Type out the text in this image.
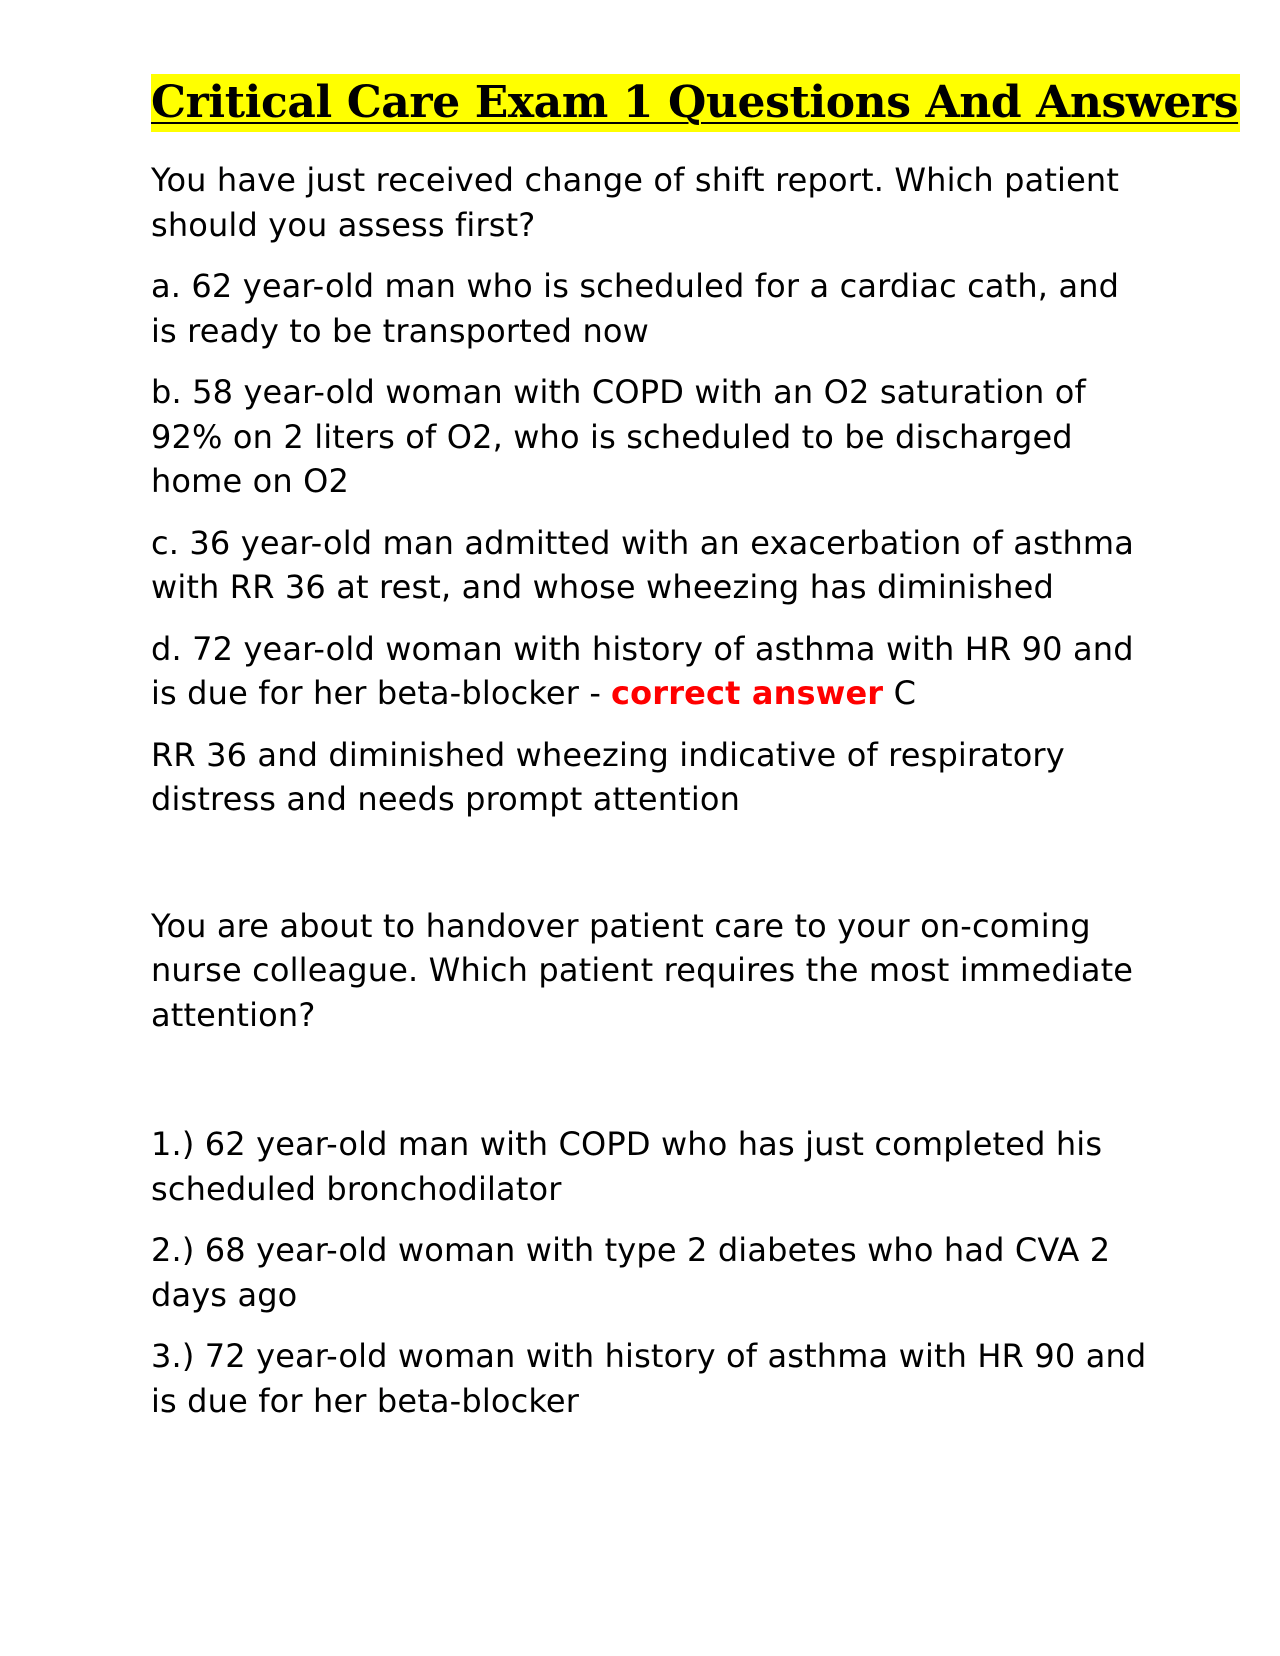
Critical Care Exam 1 Questions And Answers
You have just received change of shift report. Which patient should you assess first?
a. 62 year-old man who is scheduled for a cardiac cath, and is ready to be transported now
b. 58 year-old woman with COPD with an O2 saturation of 92% on 2 liters of O2, who is scheduled to be discharged home on O2
c. 36 year-old man admitted with an exacerbation of asthma with RR 36 at rest, and whose wheezing has diminished
d. 72 year-old woman with history of asthma with HR 90 and is due for her beta-blocker - correct answer C
RR 36 and diminished wheezing indicative of respiratory distress and needs prompt attention
You are about to handover patient care to your on-coming nurse colleague. Which patient requires the most immediate attention?
1.) 62 year-old man with COPD who has just completed his scheduled bronchodilator
2.) 68 year-old woman with type 2 diabetes who had CVA 2 days ago
3.) 72 year-old woman with history of asthma with HR 90 and is due for her beta-blocker
